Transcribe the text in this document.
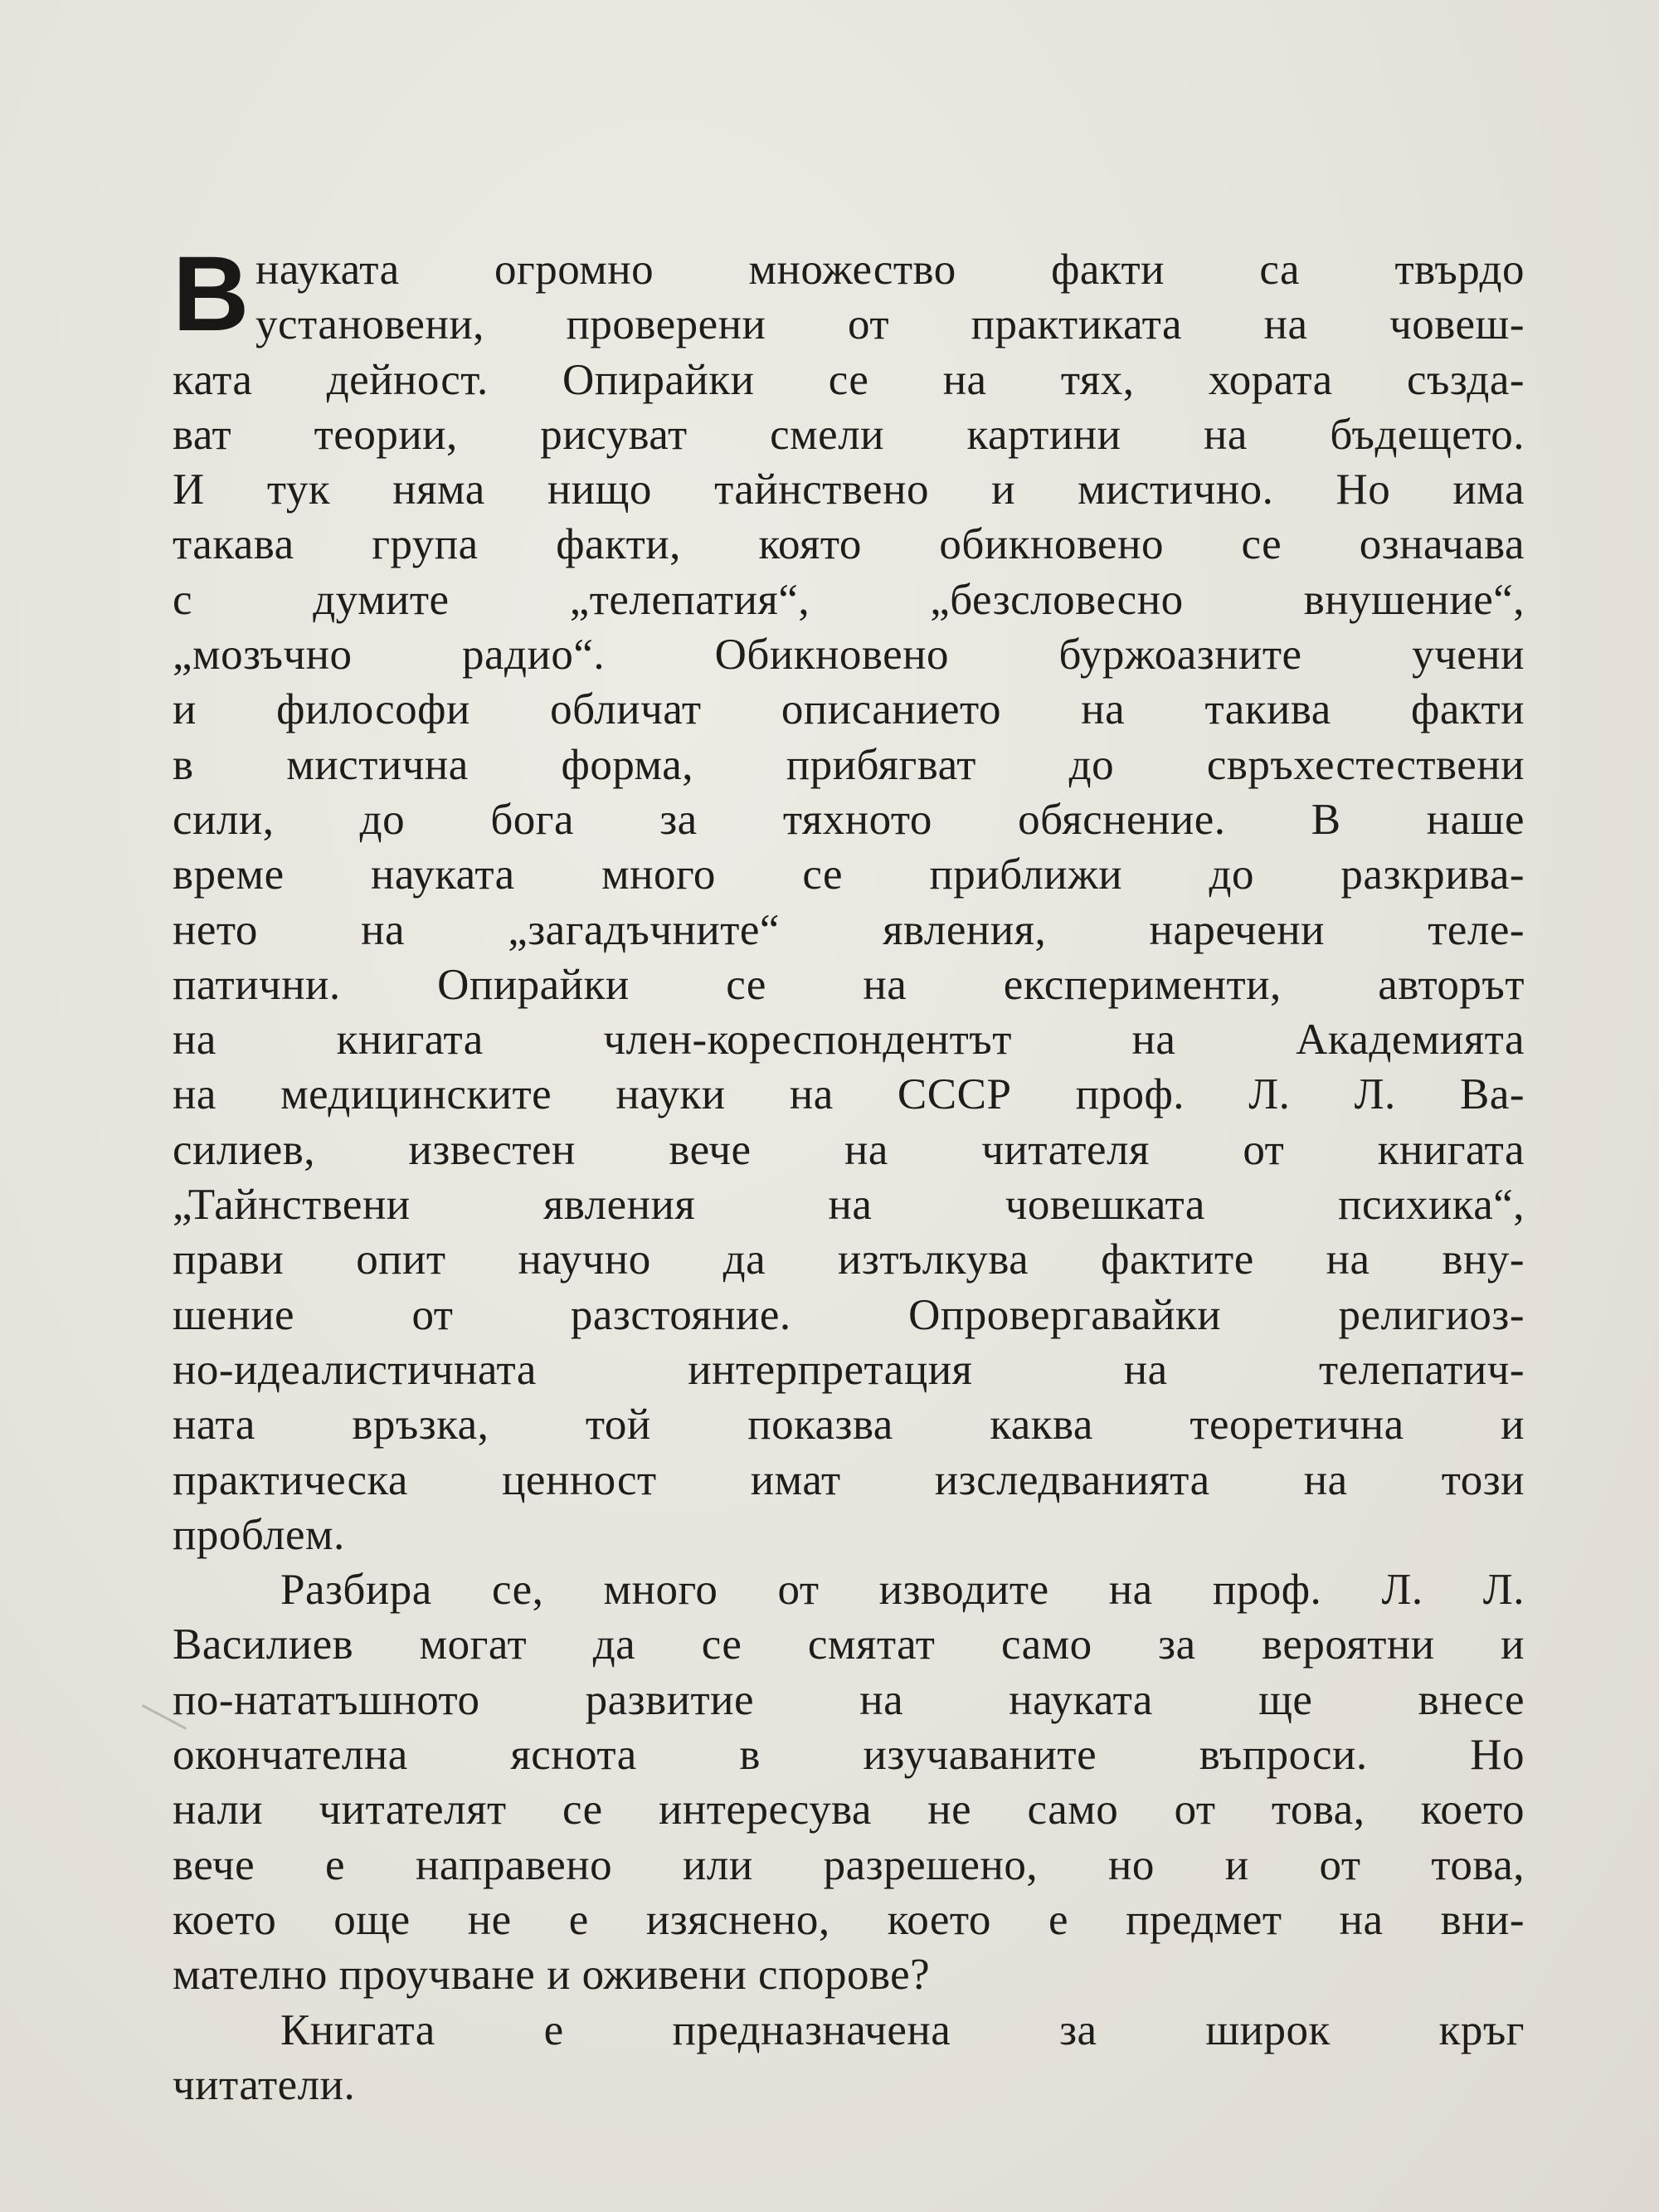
В науката огромно множество факти са твърдо
установени, проверени от практиката на човеш-
ката дейност. Опирайки се на тях, хората създа-
ват теории, рисуват смели картини на бъдещето.
И тук няма нищо тайнствено и мистично. Но има
такава група факти, която обикновено се означава
с думите „телепатия“, „безсловесно внушение“,
„мозъчно радио“. Обикновено буржоазните учени
и философи обличат описанието на такива факти
в мистична форма, прибягват до свръхестествени
сили, до бога за тяхното обяснение. В наше
време науката много се приближи до разкрива-
нето на „загадъчните“ явления, наречени теле-
патични. Опирайки се на експерименти, авторът
на книгата член-кореспондентът на Академията
на медицинските науки на СССР проф. Л. Л. Ва-
силиев, известен вече на читателя от книгата
„Тайнствени явления на човешката психика“,
прави опит научно да изтълкува фактите на вну-
шение от разстояние. Опровергавайки религиоз-
но-идеалистичната интерпретация на телепатич-
ната връзка, той показва каква теоретична и
практическа ценност имат изследванията на този
проблем.
Разбира се, много от изводите на проф. Л. Л.
Василиев могат да се смятат само за вероятни и
по-нататъшното развитие на науката ще внесе
окончателна яснота в изучаваните въпроси. Но
нали читателят се интересува не само от това, което
вече е направено или разрешено, но и от това,
което още не е изяснено, което е предмет на вни-
мателно проучване и оживени спорове?
Книгата е предназначена за широк кръг
читатели.
